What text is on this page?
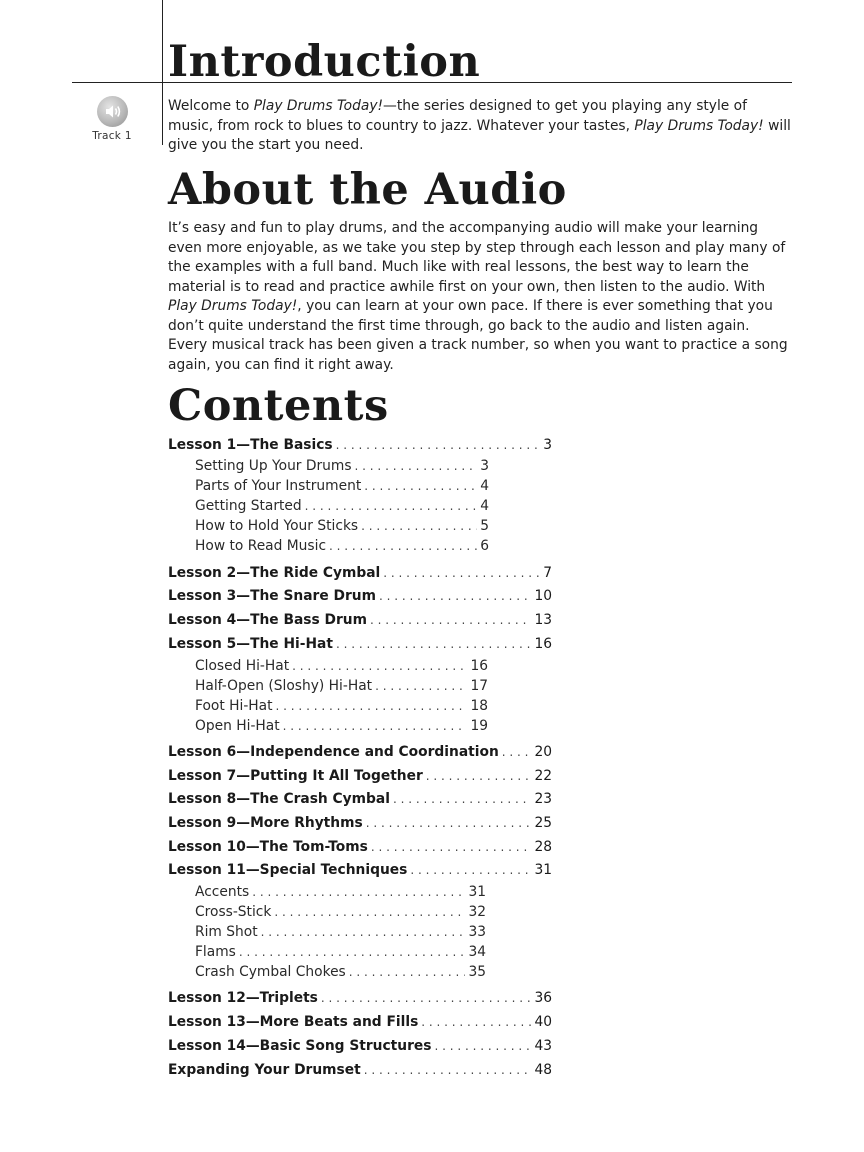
Introduction
Track 1

Welcome to Play Drums Today!—the series designed to get you playing any style of music, from rock to blues to country to jazz. Whatever your tastes, Play Drums Today! will give you the start you need.

About the Audio

It’s easy and fun to play drums, and the accompanying audio will make your learning even more enjoyable, as we take you step by step through each lesson and play many of the examples with a full band. Much like with real lessons, the best way to learn the material is to read and practice awhile first on your own, then listen to the audio. With Play Drums Today!, you can learn at your own pace. If there is ever something that you don’t quite understand the first time through, go back to the audio and listen again. Every musical track has been given a track number, so when you want to practice a song again, you can find it right away.

Contents
Lesson 1—The Basics . . .	3
Setting Up Your Drums . . .	3
Parts of Your Instrument . . .	4
Getting Started . . .	4
How to Hold Your Sticks . . .	5
How to Read Music . . .	6
Lesson 2—The Ride Cymbal . . .	7
Lesson 3—The Snare Drum . . .	10
Lesson 4—The Bass Drum . . .	13
Lesson 5—The Hi-Hat . . .	16
Closed Hi-Hat . . .	16
Half-Open (Sloshy) Hi-Hat . . .	17
Foot Hi-Hat . . .	18
Open Hi-Hat . . .	19
Lesson 6—Independence and Coordination . . .	20
Lesson 7—Putting It All Together . . .	22
Lesson 8—The Crash Cymbal . . .	23
Lesson 9—More Rhythms . . .	25
Lesson 10—The Tom-Toms . . .	28
Lesson 11—Special Techniques . . .	31
Accents . . .	31
Cross-Stick . . .	32
Rim Shot . . .	33
Flams . . .	34
Crash Cymbal Chokes . . .	35
Lesson 12—Triplets . . .	36
Lesson 13—More Beats and Fills . . .	40
Lesson 14—Basic Song Structures . . .	43
Expanding Your Drumset . . .	48
